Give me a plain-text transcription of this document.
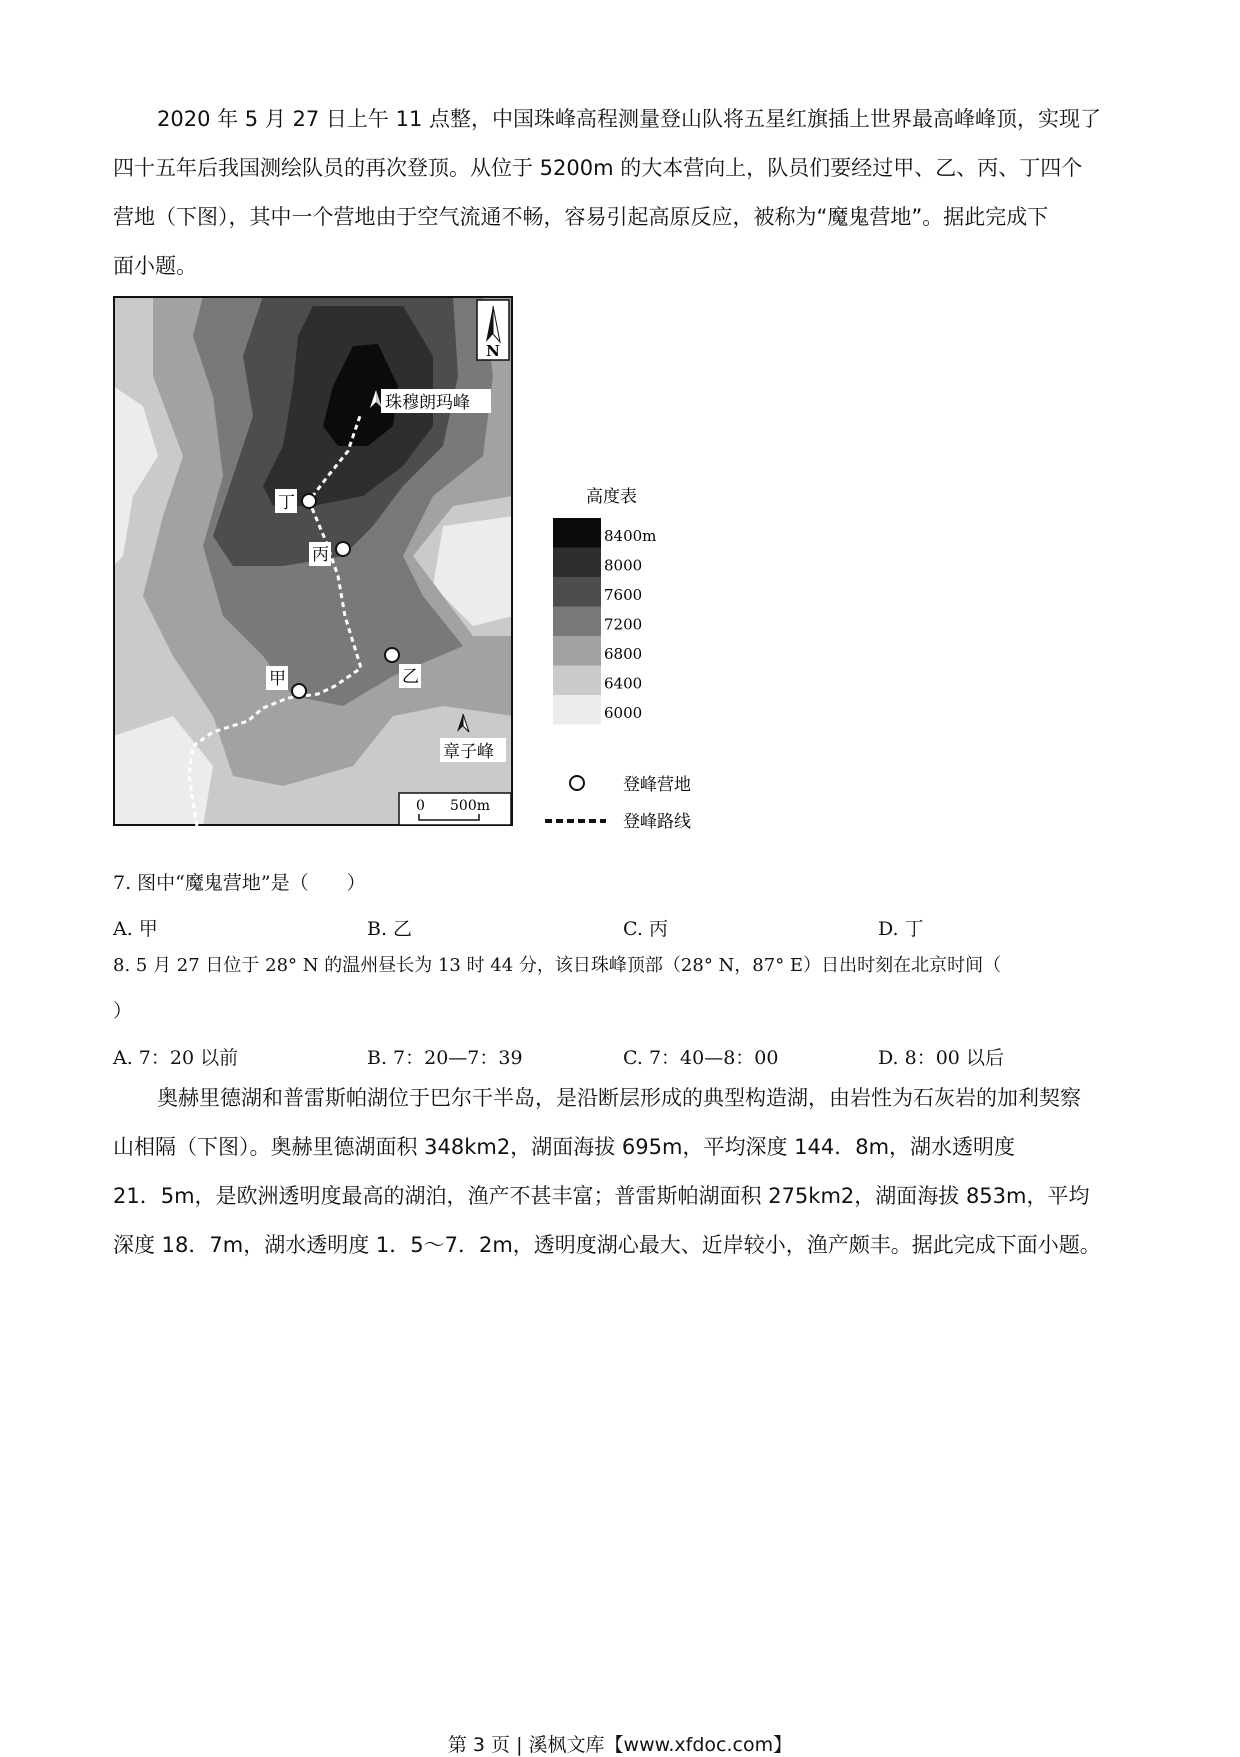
2020 年 5 月 27 日上午 11 点整，中国珠峰高程测量登山队将五星红旗插上世界最高峰峰顶，实现了
四十五年后我国测绘队员的再次登顶。从位于 5200m 的大本营向上，队员们要经过甲、乙、丙、丁四个
营地（下图），其中一个营地由于空气流通不畅，容易引起高原反应，被称为“魔鬼营地”。据此完成下
面小题。
N
珠穆朗玛峰
丁
丙
乙
甲
章子峰
0 500m
高度表
8400m
8000
7600
7200
6800
6400
6000
登峰营地
登峰路线
7. 图中“魔鬼营地”是（　　）
A. 甲	B. 乙	C. 丙	D. 丁
8. 5 月 27 日位于 28° N 的温州昼长为 13 时 44 分，该日珠峰顶部（28° N，87° E）日出时刻在北京时间（
）
A. 7：20 以前	B. 7：20—7：39	C. 7：40—8：00	D. 8：00 以后
奥赫里德湖和普雷斯帕湖位于巴尔干半岛，是沿断层形成的典型构造湖，由岩性为石灰岩的加利契察
山相隔（下图）。奥赫里德湖面积 348km2，湖面海拔 695m，平均深度 144．8m，湖水透明度
21．5m，是欧洲透明度最高的湖泊，渔产不甚丰富；普雷斯帕湖面积 275km2，湖面海拔 853m，平均
深度 18．7m，湖水透明度 1．5～7．2m，透明度湖心最大、近岸较小，渔产颇丰。据此完成下面小题。
第 3 页 | 溪枫文库【www.xfdoc.com】
